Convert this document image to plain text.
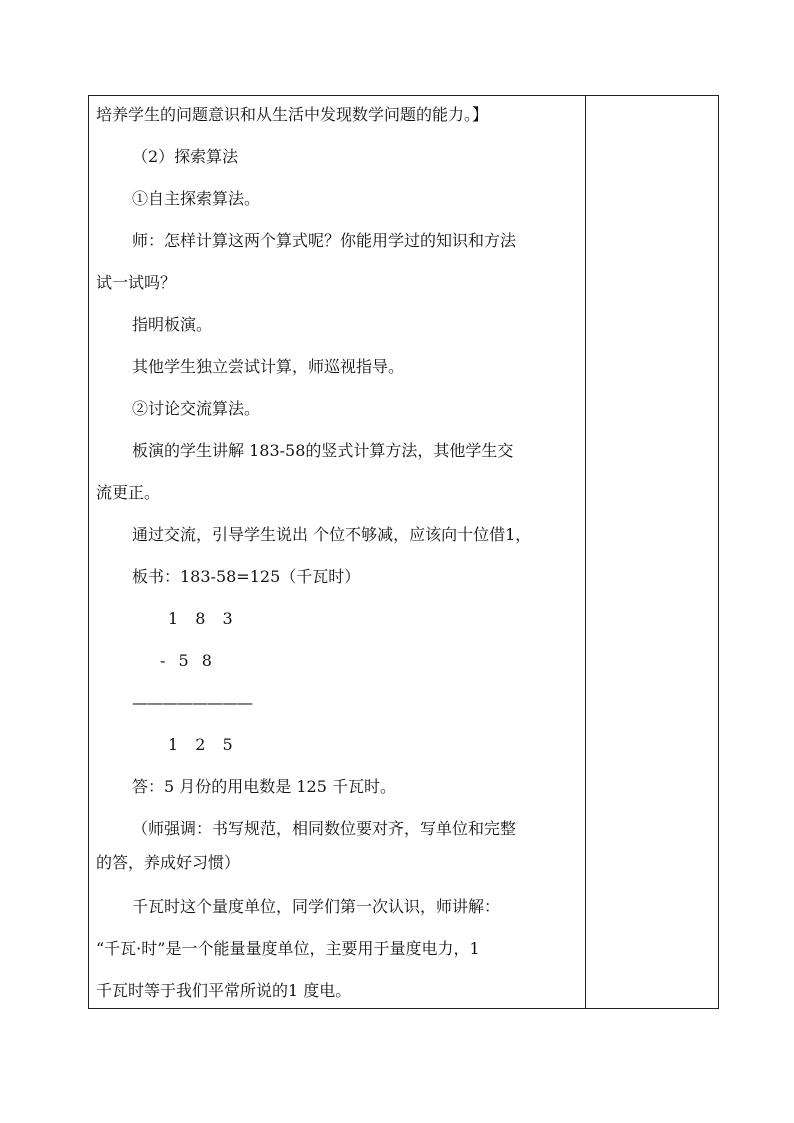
培养学生的问题意识和从生活中发现数学问题的能力。】
（2）探索算法
①自主探索算法。
师：怎样计算这两个算式呢？你能用学过的知识和方法
试一试吗？
指明板演。
其他学生独立尝试计算，师巡视指导。
②讨论交流算法。
板演的学生讲解 183-58的竖式计算方法，其他学生交
流更正。
通过交流，引导学生说出 个位不够减，应该向十位借1，
板书：183-58=125（千瓦时）
1 8 3
- 5 8
————————
1 2 5
答：5 月份的用电数是 125 千瓦时。
（师强调：书写规范，相同数位要对齐，写单位和完整
的答，养成好习惯）
千瓦时这个量度单位，同学们第一次认识，师讲解：
“千瓦·时”是一个能量量度单位，主要用于量度电力，1
千瓦时等于我们平常所说的1 度电。
